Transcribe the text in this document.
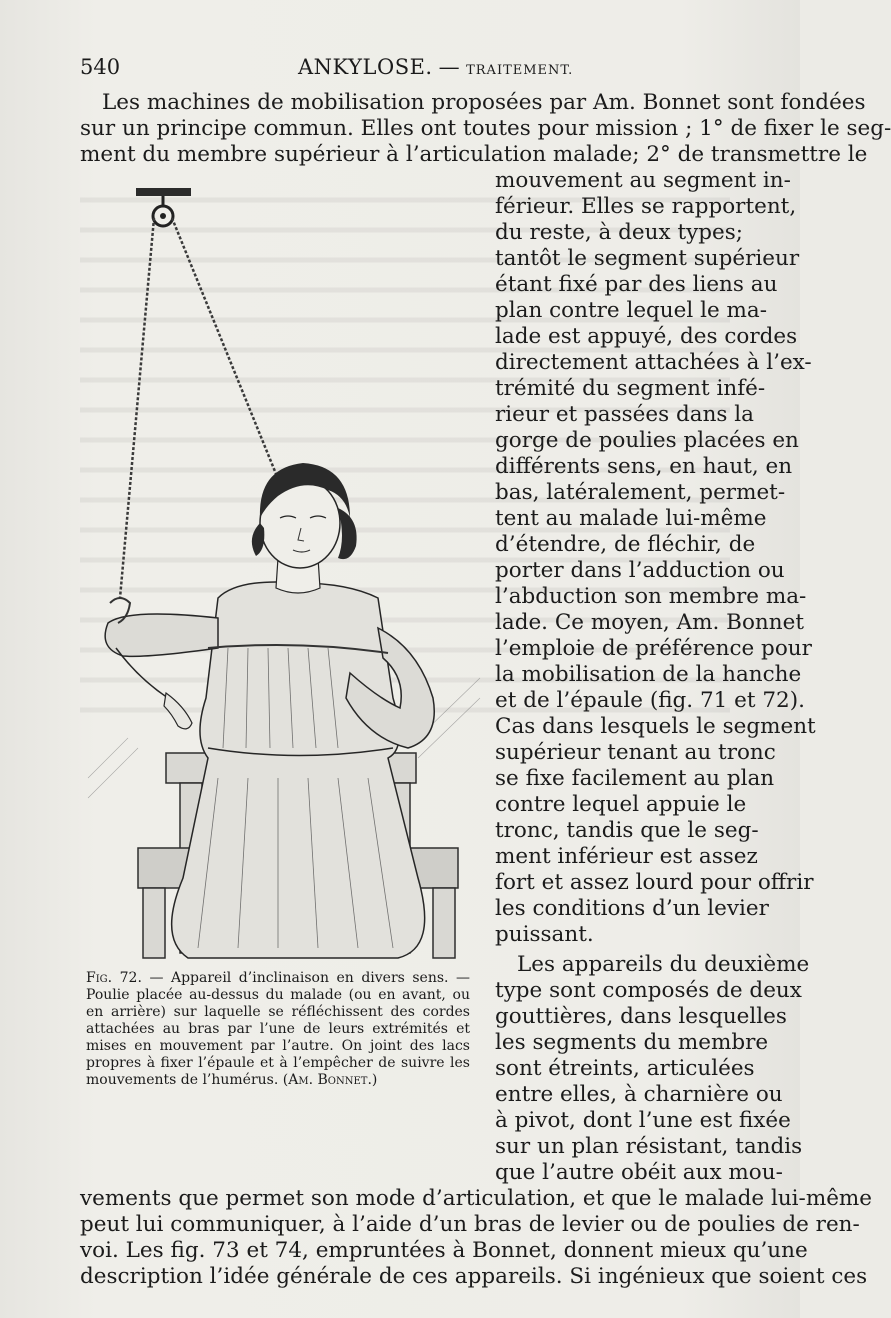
540	ANKYLOSE. — TRAITEMENT.
Les machines de mobilisation proposées par Am. Bonnet sont fondées
sur un principe commun. Elles ont toutes pour mission ; 1° de fixer le seg-
ment du membre supérieur à l’articulation malade; 2° de transmettre le
mouvement au segment in-
férieur. Elles se rapportent,
du reste, à deux types;
tantôt le segment supérieur
étant fixé par des liens au
plan contre lequel le ma-
lade est appuyé, des cordes
directement attachées à l’ex-
trémité du segment infé-
rieur et passées dans la
gorge de poulies placées en
différents sens, en haut, en
bas, latéralement, permet-
tent au malade lui-même
d’étendre, de fléchir, de
porter dans l’adduction ou
l’abduction son membre ma-
lade. Ce moyen, Am. Bonnet
l’emploie de préférence pour
la mobilisation de la hanche
et de l’épaule (fig. 71 et 72).
Cas dans lesquels le segment
supérieur tenant au tronc
se fixe facilement au plan
contre lequel appuie le
tronc, tandis que le seg-
ment inférieur est assez
fort et assez lourd pour offrir
les conditions d’un levier
puissant.
Les appareils du deuxième
type sont composés de deux
gouttières, dans lesquelles
les segments du membre
sont étreints, articulées
entre elles, à charnière ou
à pivot, dont l’une est fixée
sur un plan résistant, tandis
que l’autre obéit aux mou-
vements que permet son mode d’articulation, et que le malade lui-même
peut lui communiquer, à l’aide d’un bras de levier ou de poulies de ren-
voi. Les fig. 73 et 74, empruntées à Bonnet, donnent mieux qu’une
description l’idée générale de ces appareils. Si ingénieux que soient ces
Fig. 72. — Appareil d’inclinaison en divers sens. — Poulie placée au-dessus du malade (ou en avant, ou en arrière) sur laquelle se réfléchissent des cordes attachées au bras par l’une de leurs extrémités et mises en mouvement par l’autre. On joint des lacs propres à fixer l’épaule et à l’empêcher de suivre les mouvements de l’humérus. (Am. Bonnet.)
